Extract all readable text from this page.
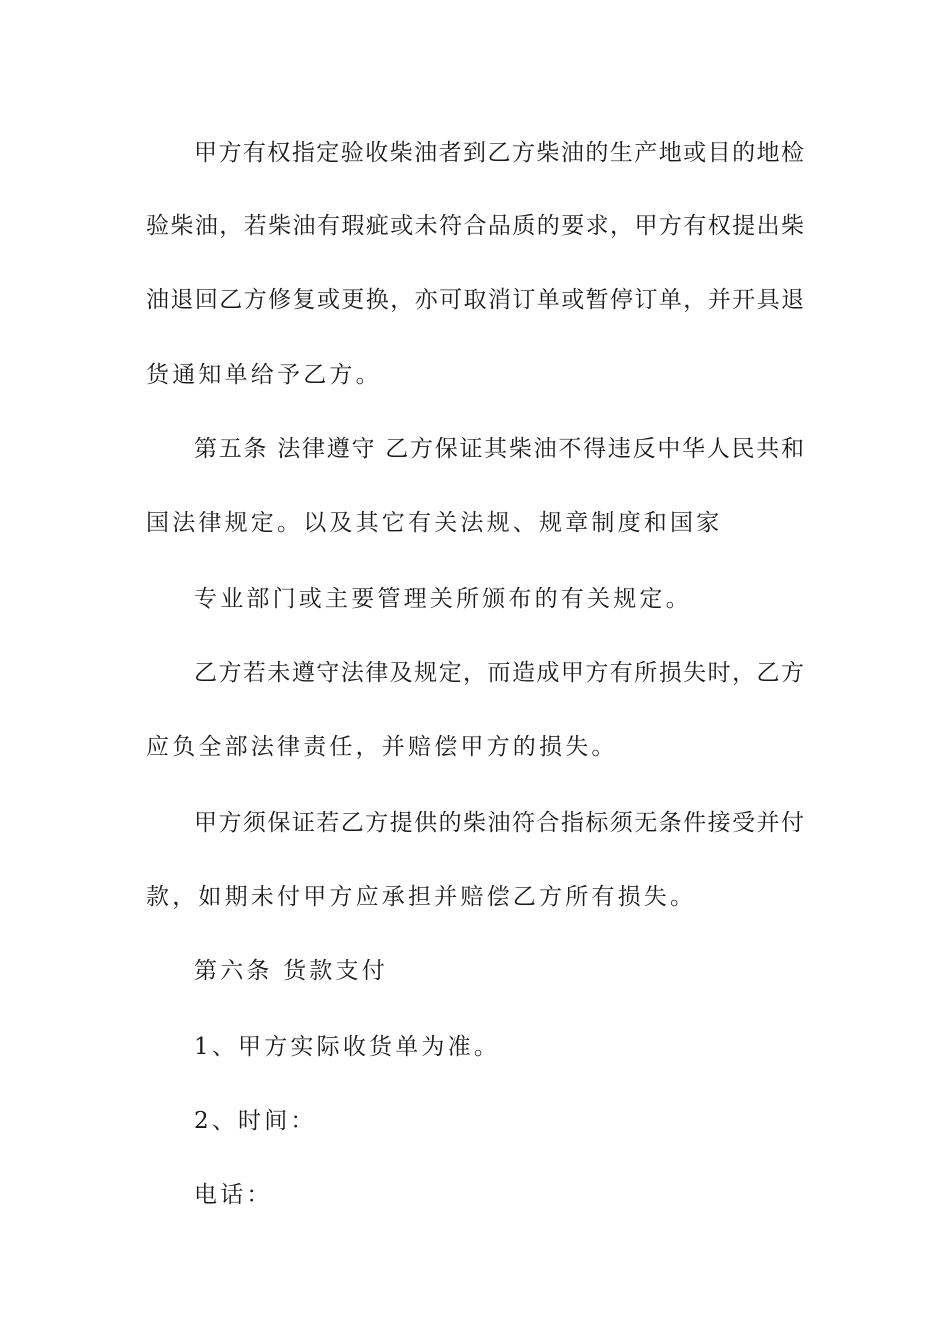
甲方有权指定验收柴油者到乙方柴油的生产地或目的地检
验柴油，若柴油有瑕疵或未符合品质的要求，甲方有权提出柴
油退回乙方修复或更换，亦可取消订单或暂停订单，并开具退
货通知单给予乙方。
第五条 法律遵守 乙方保证其柴油不得违反中华人民共和
国法律规定。以及其它有关法规、规章制度和国家
专业部门或主要管理关所颁布的有关规定。
乙方若未遵守法律及规定，而造成甲方有所损失时，乙方
应负全部法律责任，并赔偿甲方的损失。
甲方须保证若乙方提供的柴油符合指标须无条件接受并付
款，如期未付甲方应承担并赔偿乙方所有损失。
第六条 货款支付
1、甲方实际收货单为准。
2、时间：
电话：
